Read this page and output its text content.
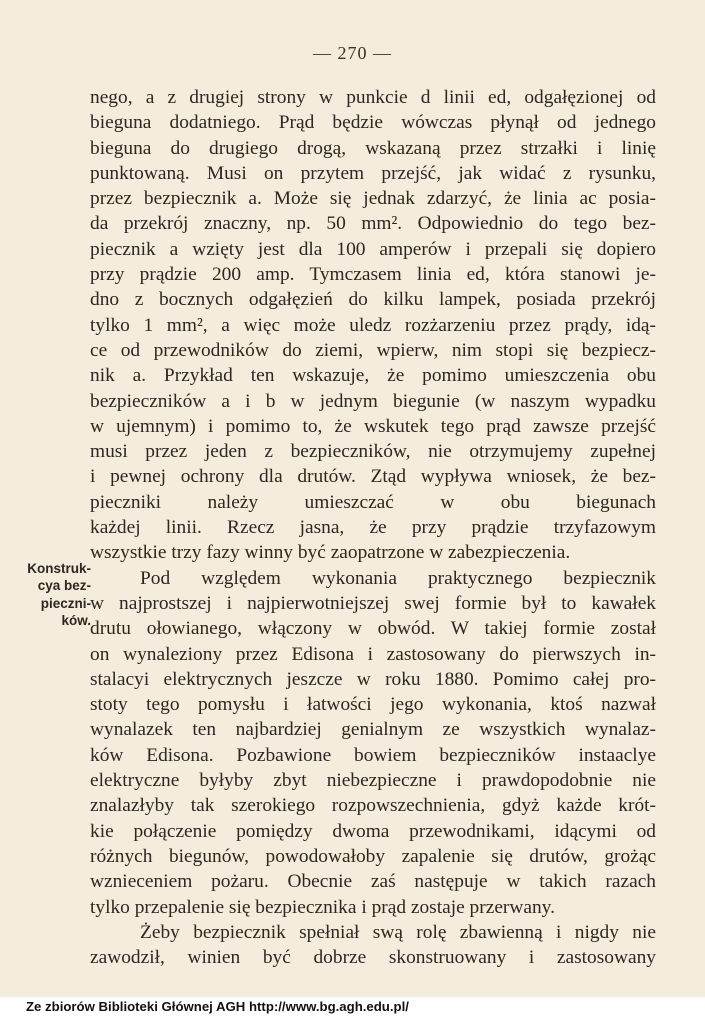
— 270 —

nego, a z drugiej strony w punkcie d linii ed, odgałęzionej od
bieguna dodatniego. Prąd będzie wówczas płynął od jednego
bieguna do drugiego drogą, wskazaną przez strzałki i linię
punktowaną. Musi on przytem przejść, jak widać z rysunku,
przez bezpiecznik a. Może się jednak zdarzyć, że linia ac posia-
da przekrój znaczny, np. 50 mm². Odpowiednio do tego bez-
piecznik a wzięty jest dla 100 amperów i przepali się dopiero
przy prądzie 200 amp. Tymczasem linia ed, która stanowi je-
dno z bocznych odgałęzień do kilku lampek, posiada przekrój
tylko 1 mm², a więc może uledz rozżarzeniu przez prądy, idą-
ce od przewodników do ziemi, wpierw, nim stopi się bezpiecz-
nik a. Przykład ten wskazuje, że pomimo umieszczenia obu
bezpieczników a i b w jednym biegunie (w naszym wypadku
w ujemnym) i pomimo to, że wskutek tego prąd zawsze przejść
musi przez jeden z bezpieczników, nie otrzymujemy zupełnej
i pewnej ochrony dla drutów. Ztąd wypływa wniosek, że bez-
pieczniki należy umieszczać w obu biegunach
każdej linii. Rzecz jasna, że przy prądzie trzyfazowym
wszystkie trzy fazy winny być zaopatrzone w zabezpieczenia.

Pod względem wykonania praktycznego bezpiecznik
w najprostszej i najpierwotniejszej swej formie był to kawałek
drutu ołowianego, włączony w obwód. W takiej formie został
on wynaleziony przez Edisona i zastosowany do pierwszych in-
stalacyi elektrycznych jeszcze w roku 1880. Pomimo całej pro-
stoty tego pomysłu i łatwości jego wykonania, ktoś nazwał
wynalazek ten najbardziej genialnym ze wszystkich wynalaz-
ków Edisona. Pozbawione bowiem bezpieczników instaaclye
elektryczne byłyby zbyt niebezpieczne i prawdopodobnie nie
znalazłyby tak szerokiego rozpowszechnienia, gdyż każde krót-
kie połączenie pomiędzy dwoma przewodnikami, idącymi od
różnych biegunów, powodowałoby zapalenie się drutów, grożąc
wznieceniem pożaru. Obecnie zaś następuje w takich razach
tylko przepalenie się bezpiecznika i prąd zostaje przerwany.

Żeby bezpiecznik spełniał swą rolę zbawienną i nigdy nie
zawodził, winien być dobrze skonstruowany i zastosowany

Konstruk-
cya bez-
pieczni-
ków.

Ze zbiorów Biblioteki Głównej AGH http://www.bg.agh.edu.pl/
